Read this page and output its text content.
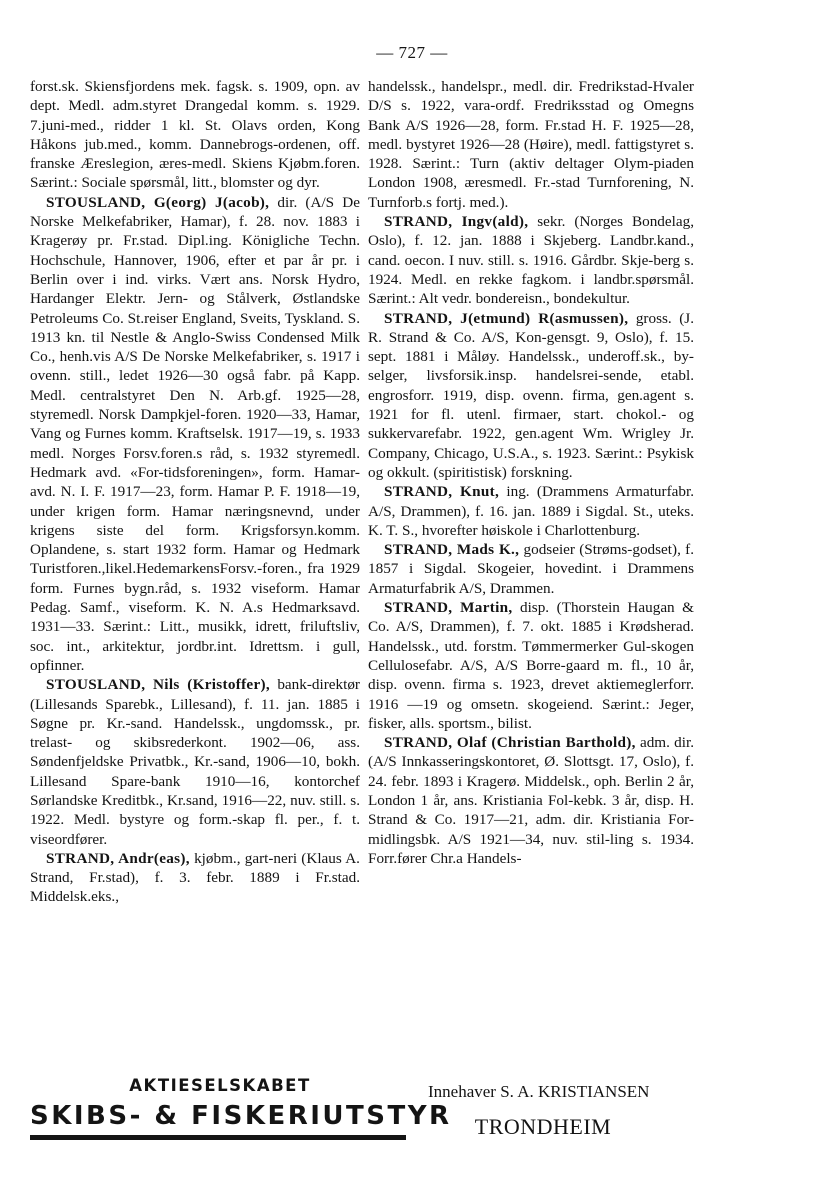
— 727 —

forst.sk. Skiensfjordens mek. fagsk. s. 1909, opn. av dept. Medl. adm.styret Drangedal komm. s. 1929. 7.juni-med., ridder 1 kl. St. Olavs orden, Kong Håkons jub.med., komm. Dannebrogs-ordenen, off. franske Æreslegion, æres-medl. Skiens Kjøbm.foren. Særint.: Sociale spørsmål, litt., blomster og dyr.

STOUSLAND, G(eorg) J(acob), dir. (A/S De Norske Melkefabriker, Hamar), f. 28. nov. 1883 i Kragerøy pr. Fr.stad. Dipl.ing. Königliche Techn. Hochschule, Hannover, 1906, efter et par år pr. i Berlin over i ind. virks. Vært ans. Norsk Hydro, Hardanger Elektr. Jern- og Stålverk, Østlandske Petroleums Co. St.reiser England, Sveits, Tyskland. S. 1913 kn. til Nestle & Anglo-Swiss Condensed Milk Co., henh.vis A/S De Norske Melkefabriker, s. 1917 i ovenn. still., ledet 1926—30 også fabr. på Kapp. Medl. centralstyret Den N. Arb.gf. 1925—28, styremedl. Norsk Dampkjel-foren. 1920—33, Hamar, Vang og Furnes komm. Kraftselsk. 1917—19, s. 1933 medl. Norges Forsv.foren.s råd, s. 1932 styremedl. Hedmark avd. «For-tidsforeningen», form. Hamar-avd. N. I. F. 1917—23, form. Hamar P. F. 1918—19, under krigen form. Hamar næringsnevnd, under krigens siste del form. Krigsforsyn.komm. Oplandene, s. start 1932 form. Hamar og Hedmark Turistforen.,likel.HedemarkensForsv.-foren., fra 1929 form. Furnes bygn.råd, s. 1932 viseform. Hamar Pedag. Samf., viseform. K. N. A.s Hedmarksavd. 1931—33. Særint.: Litt., musikk, idrett, friluftsliv, soc. int., arkitektur, jordbr.int. Idrettsm. i gull, opfinner.

STOUSLAND, Nils (Kristoffer), bank-direktør (Lillesands Sparebk., Lillesand), f. 11. jan. 1885 i Søgne pr. Kr.-sand. Handelssk., ungdomssk., pr. trelast- og skibsrederkont. 1902—06, ass. Søndenfjeldske Privatbk., Kr.-sand, 1906—10, bokh. Lillesand Spare-bank 1910—16, kontorchef Sørlandske Kreditbk., Kr.sand, 1916—22, nuv. still. s. 1922. Medl. bystyre og form.-skap fl. per., f. t. viseordfører.

STRAND, Andr(eas), kjøbm., gart-neri (Klaus A. Strand, Fr.stad), f. 3. febr. 1889 i Fr.stad. Middelsk.eks.,

handelssk., handelspr., medl. dir. Fredrikstad-Hvaler D/S s. 1922, vara-ordf. Fredriksstad og Omegns Bank A/S 1926—28, form. Fr.stad H. F. 1925—28, medl. bystyret 1926—28 (Høire), medl. fattigstyret s. 1928. Særint.: Turn (aktiv deltager Olym-piaden London 1908, æresmedl. Fr.-stad Turnforening, N. Turnforb.s fortj. med.).

STRAND, Ingv(ald), sekr. (Norges Bondelag, Oslo), f. 12. jan. 1888 i Skjeberg. Landbr.kand., cand. oecon. I nuv. still. s. 1916. Gårdbr. Skje-berg s. 1924. Medl. en rekke fagkom. i landbr.spørsmål. Særint.: Alt vedr. bondereisn., bondekultur.

STRAND, J(etmund) R(asmussen), gross. (J. R. Strand & Co. A/S, Kon-gensgt. 9, Oslo), f. 15. sept. 1881 i Måløy. Handelssk., underoff.sk., by-selger, livsforsik.insp. handelsrei-sende, etabl. engrosforr. 1919, disp. ovenn. firma, gen.agent s. 1921 for fl. utenl. firmaer, start. chokol.- og sukkervarefabr. 1922, gen.agent Wm. Wrigley Jr. Company, Chicago, U.S.A., s. 1923. Særint.: Psykisk og okkult. (spiritistisk) forskning.

STRAND, Knut, ing. (Drammens Armaturfabr. A/S, Drammen), f. 16. jan. 1889 i Sigdal. St., uteks. K. T. S., hvorefter høiskole i Charlottenburg.

STRAND, Mads K., godseier (Strøms-godset), f. 1857 i Sigdal. Skogeier, hovedint. i Drammens Armaturfabrik A/S, Drammen.

STRAND, Martin, disp. (Thorstein Haugan & Co. A/S, Drammen), f. 7. okt. 1885 i Krødsherad. Handelssk., utd. forstm. Tømmermerker Gul-skogen Cellulosefabr. A/S, A/S Borre-gaard m. fl., 10 år, disp. ovenn. firma s. 1923, drevet aktiemeglerforr. 1916 —19 og omsetn. skogeiend. Særint.: Jeger, fisker, alls. sportsm., bilist.

STRAND, Olaf (Christian Barthold), adm. dir. (A/S Innkasseringskontoret, Ø. Slottsgt. 17, Oslo), f. 24. febr. 1893 i Kragerø. Middelsk., oph. Berlin 2 år, London 1 år, ans. Kristiania Fol-kebk. 3 år, disp. H. Strand & Co. 1917—21, adm. dir. Kristiania For-midlingsbk. A/S 1921—34, nuv. stil-ling s. 1934. Forr.fører Chr.a Handels-

AKTIESELSKABET
SKIBS- & FISKERIUTSTYR
Innehaver S. A. KRISTIANSEN
TRONDHEIM
